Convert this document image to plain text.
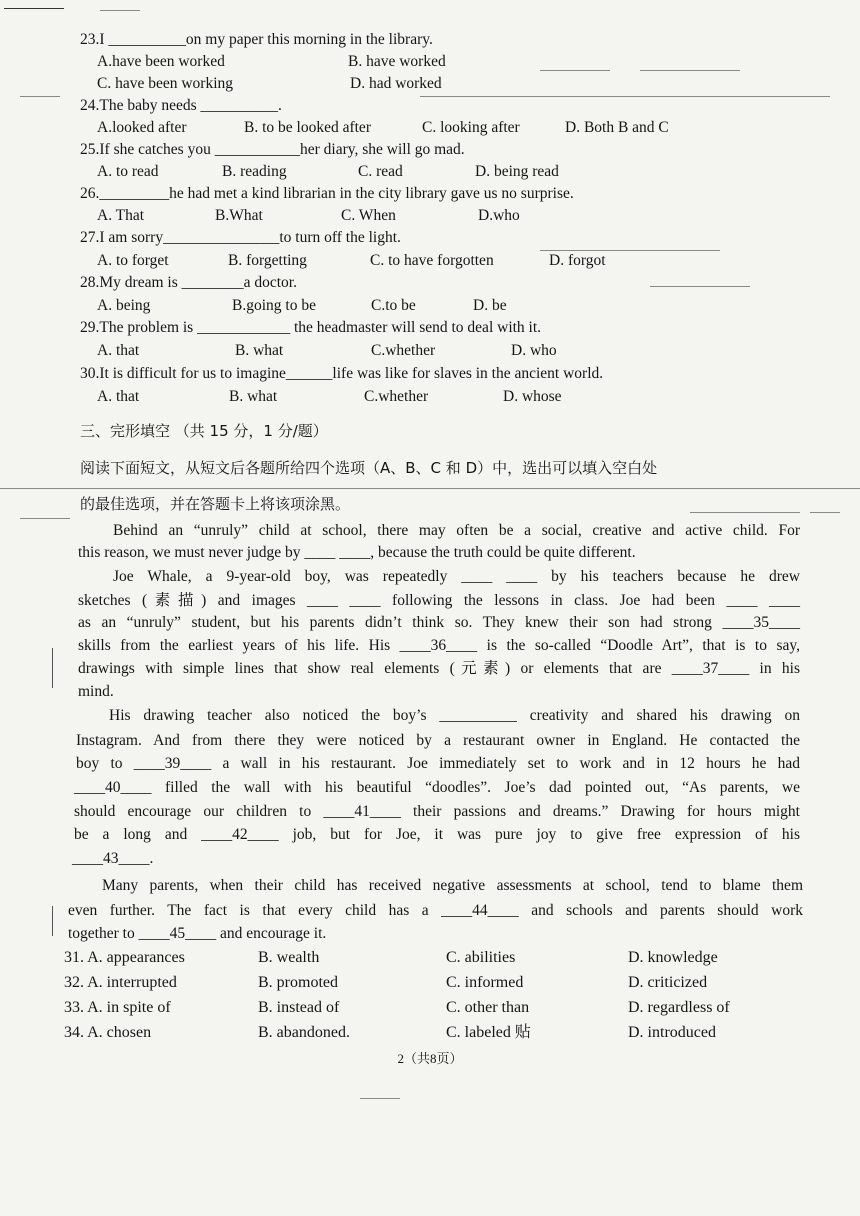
23.I __________on my paper this morning in the library.
A.have been worked	B. have worked
C. have been working	D. had worked
24.The baby needs __________.
A.looked after	B. to be looked after	C. looking after	D. Both B and C
25.If she catches you ___________her diary, she will go mad.
A. to read	B. reading	C. read	D. being read
26._________he had met a kind librarian in the city library gave us no surprise.
A. That	B.What	C. When	D.who
27.I am sorry_______________to turn off the light.
A. to forget	B. forgetting	C. to have forgotten	D. forgot
28.My dream is ________a doctor.
A. being	B.going to be	C.to be	D. be
29.The problem is ____________ the headmaster will send to deal with it.
A. that	B. what	C.whether	D. who
30.It is difficult for us to imagine______life was like for slaves in the ancient world.
A. that	B. what	C.whether	D. whose
三、完形填空 （共 15 分，1 分/题）
阅读下面短文，从短文后各题所给四个选项（A、B、C 和 D）中，选出可以填入空白处
的最佳选项，并在答题卡上将该项涂黑。
Behind an “unruly” child at school, there may often be a social, creative and active child. For
this reason, we must never judge by ____ ____, because the truth could be quite different.
Joe Whale, a 9-year-old boy, was repeatedly ____ ____ by his teachers because he drew
sketches (素描) and images ____ ____ following the lessons in class. Joe had been ____ ____
as an “unruly” student, but his parents didn’t think so. They knew their son had strong ____35____
skills from the earliest years of his life. His ____36____ is the so-called “Doodle Art”, that is to say,
drawings with simple lines that show real elements (元素) or elements that are ____37____ in his
mind.
His drawing teacher also noticed the boy’s __________ creativity and shared his drawing on
Instagram. And from there they were noticed by a restaurant owner in England. He contacted the
boy to ____39____ a wall in his restaurant. Joe immediately set to work and in 12 hours he had
____40____ filled the wall with his beautiful “doodles”. Joe’s dad pointed out, “As parents, we
should encourage our children to ____41____ their passions and dreams.” Drawing for hours might
be a long and ____42____ job, but for Joe, it was pure joy to give free expression of his
____43____.
Many parents, when their child has received negative assessments at school, tend to blame them
even further. The fact is that every child has a ____44____ and schools and parents should work
together to ____45____ and encourage it.
31. A. appearances	B. wealth	C. abilities	D. knowledge
32. A. interrupted	B. promoted	C. informed	D. criticized
33. A. in spite of	B. instead of	C. other than	D. regardless of
34. A. chosen	B. abandoned.	C. labeled 贴	D. introduced
2（共8页）
